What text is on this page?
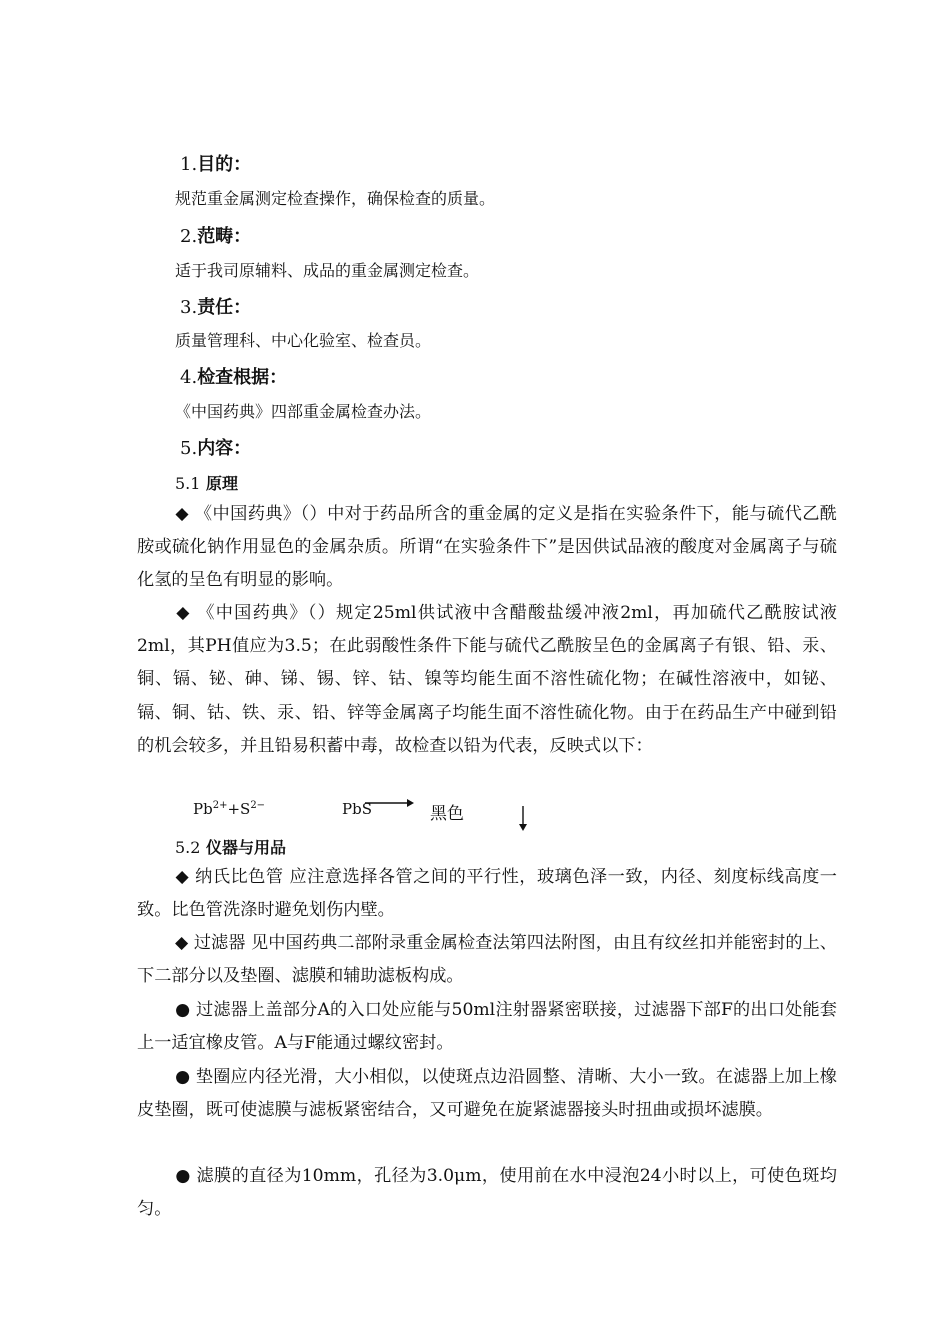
1.目的：
规范重金属测定检查操作，确保检查的质量。
2.范畴：
适于我司原辅料、成品的重金属测定检查。
3.责任：
质量管理科、中心化验室、检查员。
4.检查根据：
《中国药典》四部重金属检查办法。
5.内容：
5.1 原理
◆ 《中国药典》（）中对于药品所含的重金属的定义是指在实验条件下，能与硫代乙酰胺或硫化钠作用显色的金属杂质。所谓“在实验条件下”是因供试品液的酸度对金属离子与硫化氢的呈色有明显的影响。
◆ 《中国药典》（）规定25ml供试液中含醋酸盐缓冲液2ml，再加硫代乙酰胺试液2ml，其PH值应为3.5；在此弱酸性条件下能与硫代乙酰胺呈色的金属离子有银、铅、汞、铜、镉、铋、砷、锑、锡、锌、钴、镍等均能生面不溶性硫化物；在碱性溶液中，如铋、镉、铜、钴、铁、汞、铅、锌等金属离子均能生面不溶性硫化物。由于在药品生产中碰到铅的机会较多，并且铅易积蓄中毒，故检查以铅为代表，反映式以下：
$Pb^{2+}+S^{2-}$	PbS	黑色
5.2 仪器与用品
◆ 纳氏比色管 应注意选择各管之间的平行性，玻璃色泽一致，内径、刻度标线高度一致。比色管洗涤时避免划伤内壁。
◆ 过滤器 见中国药典二部附录重金属检查法第四法附图，由且有纹丝扣并能密封的上、下二部分以及垫圈、滤膜和辅助滤板构成。
● 过滤器上盖部分A的入口处应能与50ml注射器紧密联接，过滤器下部F的出口处能套上一适宜橡皮管。A与F能通过螺纹密封。
● 垫圈应内径光滑，大小相似，以使斑点边沿圆整、清晰、大小一致。在滤器上加上橡皮垫圈，既可使滤膜与滤板紧密结合，又可避免在旋紧滤器接头时扭曲或损坏滤膜。
● 滤膜的直径为10mm，孔径为3.0μm，使用前在水中浸泡24小时以上，可使色斑均匀。
